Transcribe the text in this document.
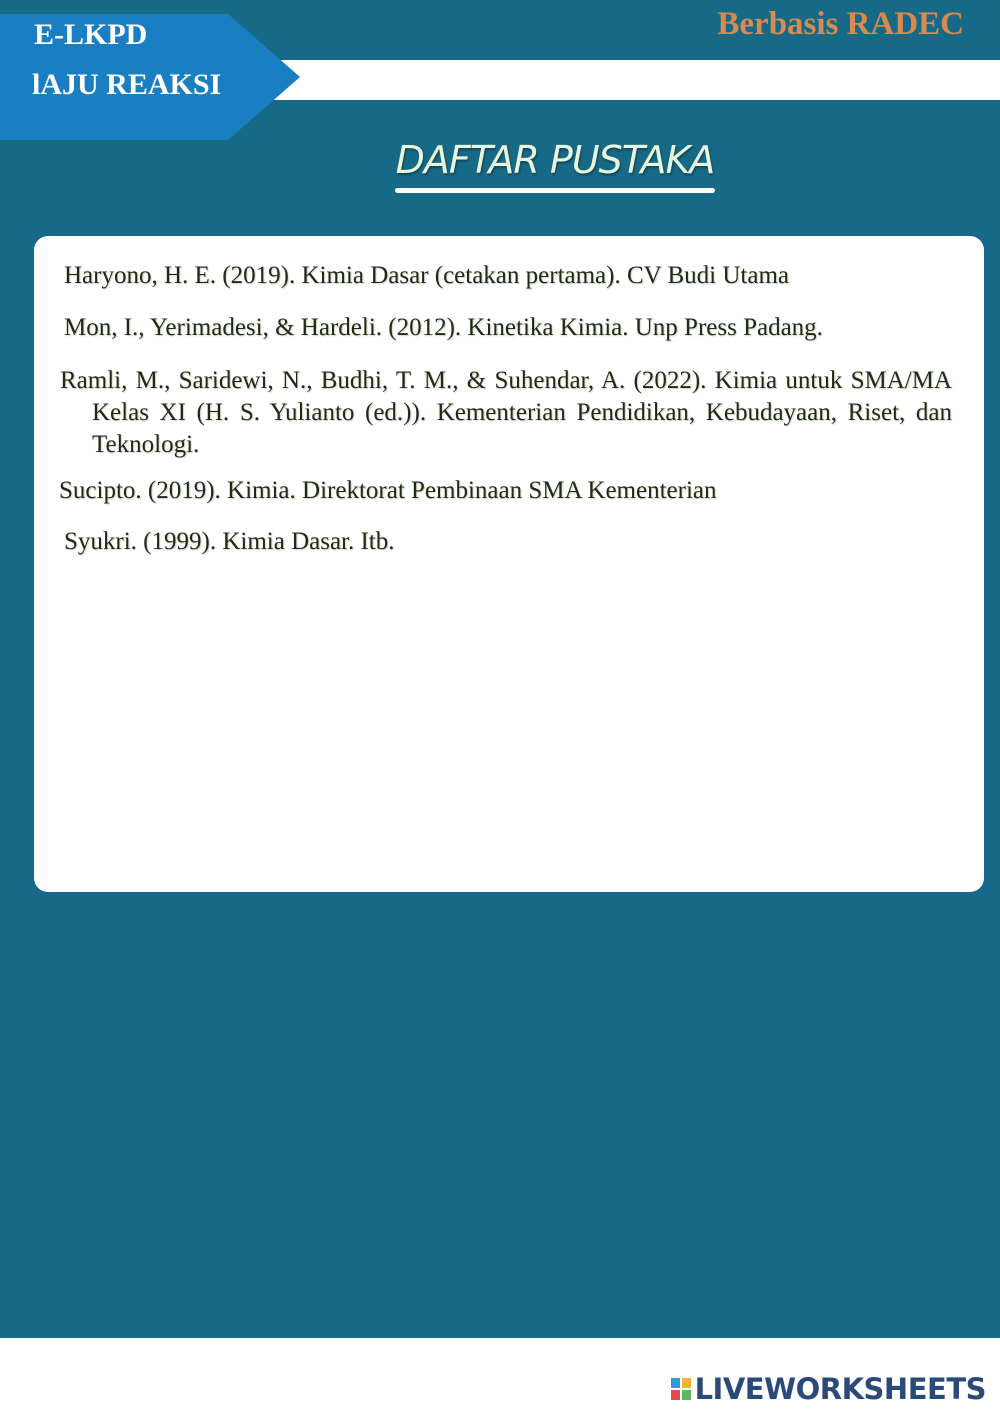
E-LKPD
lAJU REAKSI
Berbasis RADEC
DAFTAR PUSTAKA
Haryono, H. E. (2019). Kimia Dasar (cetakan pertama). CV Budi Utama
Mon, I., Yerimadesi, & Hardeli. (2012). Kinetika Kimia. Unp Press Padang.
Ramli, M., Saridewi, N., Budhi, T. M., & Suhendar, A. (2022). Kimia untuk SMA/MA Kelas XI (H. S. Yulianto (ed.)). Kementerian Pendidikan, Kebudayaan, Riset, dan Teknologi.
Sucipto. (2019). Kimia. Direktorat Pembinaan SMA Kementerian
Syukri. (1999). Kimia Dasar. Itb.
LIVEWORKSHEETS
